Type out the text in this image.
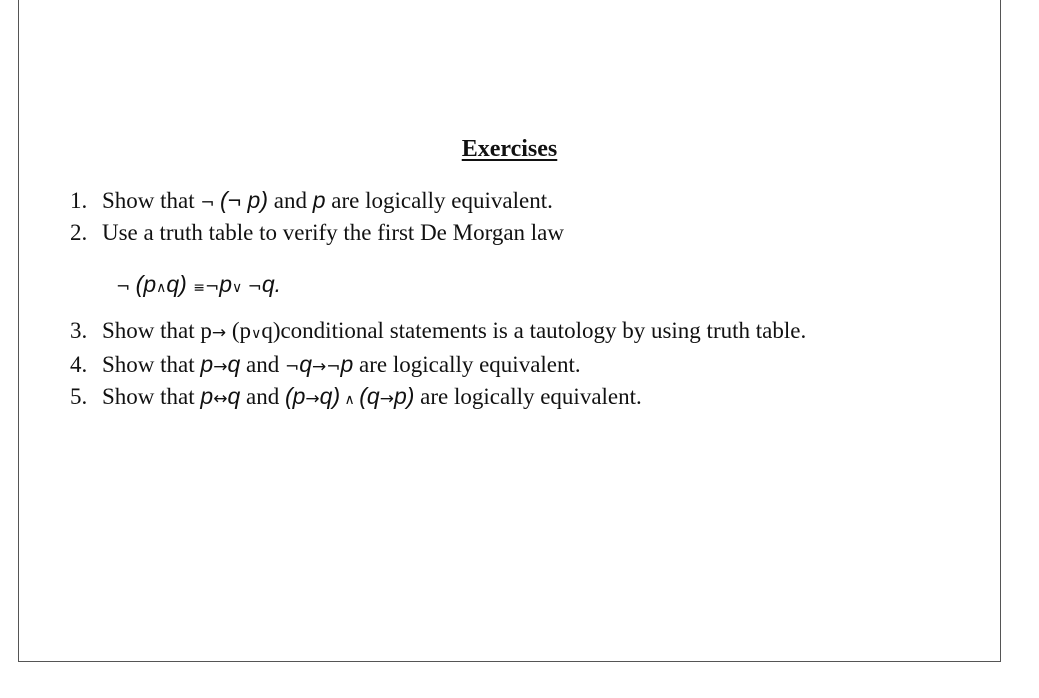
Exercises
1. Show that ¬ (¬ p) and p are logically equivalent.
2. Use a truth table to verify the first De Morgan law
¬ (p∧q) ≡¬p∨ ¬q.
3. Show that p→ (p∨q)conditional statements is a tautology by using truth table.
4. Show that p→q and ¬q→¬p are logically equivalent.
5. Show that p↔q and (p→q) ∧ (q→p) are logically equivalent.
